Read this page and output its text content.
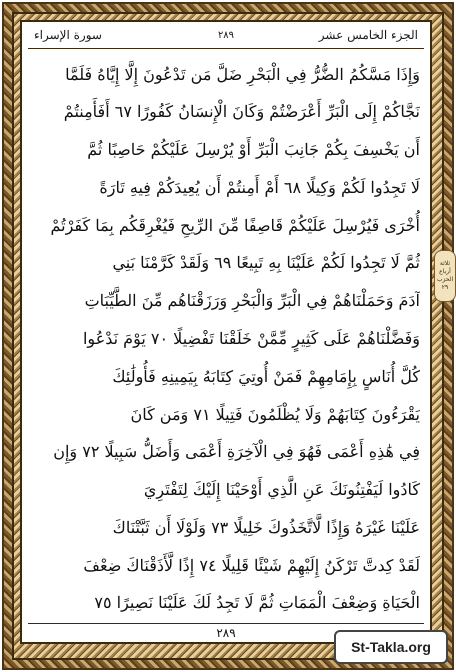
الجزء الخامس عشر
٢٨٩
سورة الإسراء
وَإِذَا مَسَّكُمُ الضُّرُّ فِي الْبَحْرِ ضَلَّ مَن تَدْعُونَ إِلَّا إِيَّاهُ فَلَمَّا
نَجَّاكُمْ إِلَى الْبَرِّ أَعْرَضْتُمْ وَكَانَ الْإِنسَانُ كَفُورًا ٦٧ أَفَأَمِنتُمْ
أَن يَخْسِفَ بِكُمْ جَانِبَ الْبَرِّ أَوْ يُرْسِلَ عَلَيْكُمْ حَاصِبًا ثُمَّ
لَا تَجِدُوا لَكُمْ وَكِيلًا ٦٨ أَمْ أَمِنتُمْ أَن يُعِيدَكُمْ فِيهِ تَارَةً
أُخْرَى فَيُرْسِلَ عَلَيْكُمْ قَاصِفًا مِّنَ الرِّيحِ فَيُغْرِقَكُم بِمَا كَفَرْتُمْ
ثُمَّ لَا تَجِدُوا لَكُمْ عَلَيْنَا بِهِ تَبِيعًا ٦٩ وَلَقَدْ كَرَّمْنَا بَنِي
آدَمَ وَحَمَلْنَاهُمْ فِي الْبَرِّ وَالْبَحْرِ وَرَزَقْنَاهُم مِّنَ الطَّيِّبَاتِ
وَفَضَّلْنَاهُمْ عَلَى كَثِيرٍ مِّمَّنْ خَلَقْنَا تَفْضِيلًا ٧٠ يَوْمَ نَدْعُوا
كُلَّ أُنَاسٍ بِإِمَامِهِمْ فَمَنْ أُوتِيَ كِتَابَهُ بِيَمِينِهِ فَأُولَٰئِكَ
يَقْرَءُونَ كِتَابَهُمْ وَلَا يُظْلَمُونَ فَتِيلًا ٧١ وَمَن كَانَ
فِي هَٰذِهِ أَعْمَى فَهُوَ فِي الْآخِرَةِ أَعْمَى وَأَضَلُّ سَبِيلًا ٧٢ وَإِن
كَادُوا لَيَفْتِنُونَكَ عَنِ الَّذِي أَوْحَيْنَا إِلَيْكَ لِتَفْتَرِيَ
عَلَيْنَا غَيْرَهُ وَإِذًا لَّاتَّخَذُوكَ خَلِيلًا ٧٣ وَلَوْلَا أَن ثَبَّتْنَاكَ
لَقَدْ كِدتَّ تَرْكَنُ إِلَيْهِمْ شَيْئًا قَلِيلًا ٧٤ إِذًا لَّأَذَقْنَاكَ ضِعْفَ
الْحَيَاةِ وَضِعْفَ الْمَمَاتِ ثُمَّ لَا تَجِدُ لَكَ عَلَيْنَا نَصِيرًا ٧٥
٢٨٩
ثلاثة أرباع
الحزب
٢٩
St-Takla.org
